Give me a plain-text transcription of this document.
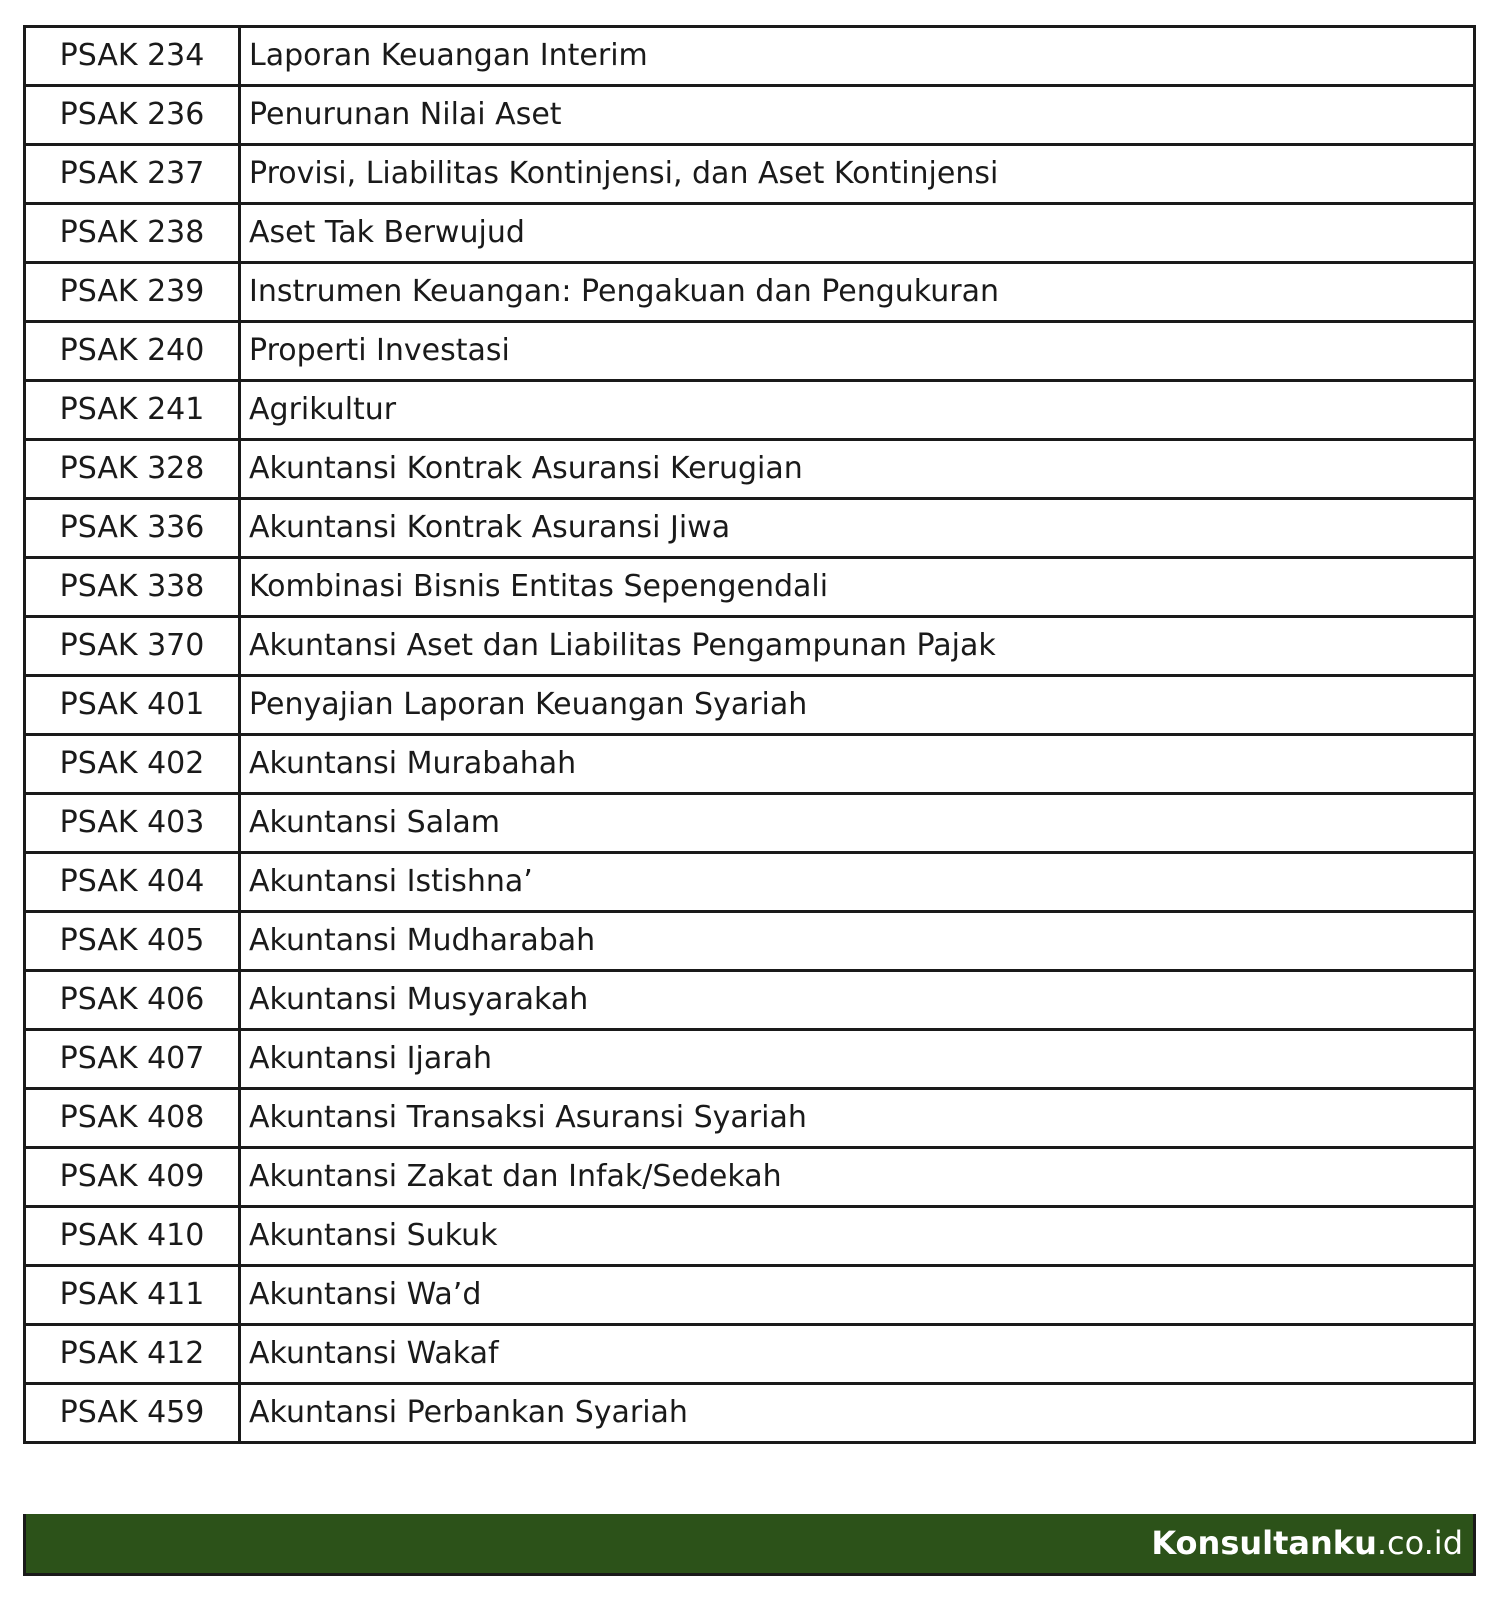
PSAK 234	Laporan Keuangan Interim
PSAK 236	Penurunan Nilai Aset
PSAK 237	Provisi, Liabilitas Kontinjensi, dan Aset Kontinjensi
PSAK 238	Aset Tak Berwujud
PSAK 239	Instrumen Keuangan: Pengakuan dan Pengukuran
PSAK 240	Properti Investasi
PSAK 241	Agrikultur
PSAK 328	Akuntansi Kontrak Asuransi Kerugian
PSAK 336	Akuntansi Kontrak Asuransi Jiwa
PSAK 338	Kombinasi Bisnis Entitas Sepengendali
PSAK 370	Akuntansi Aset dan Liabilitas Pengampunan Pajak
PSAK 401	Penyajian Laporan Keuangan Syariah
PSAK 402	Akuntansi Murabahah
PSAK 403	Akuntansi Salam
PSAK 404	Akuntansi Istishna’
PSAK 405	Akuntansi Mudharabah
PSAK 406	Akuntansi Musyarakah
PSAK 407	Akuntansi Ijarah
PSAK 408	Akuntansi Transaksi Asuransi Syariah
PSAK 409	Akuntansi Zakat dan Infak/Sedekah
PSAK 410	Akuntansi Sukuk
PSAK 411	Akuntansi Wa’d
PSAK 412	Akuntansi Wakaf
PSAK 459	Akuntansi Perbankan Syariah
Konsultanku.co.id
